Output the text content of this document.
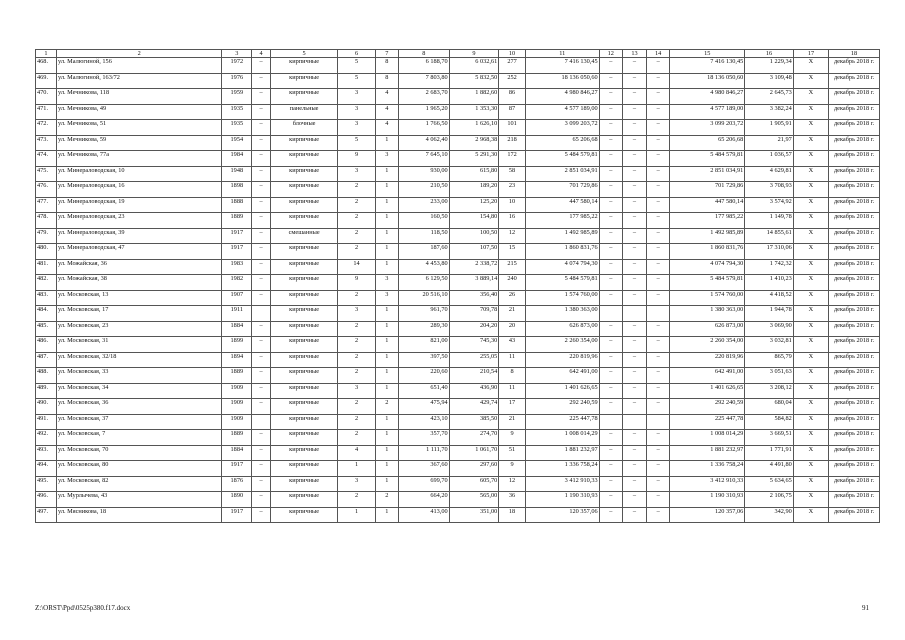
1	2	3	4	5	6	7	8	9	10	11	12	13	14	15	16	17	18
468.	ул. Малюгиной, 156	1972	–	кирпичные	5	8	6 188,70	6 032,61	277	7 416 130,45	–	–	–	7 416 130,45	1 229,34	Х	декабрь 2018 г.
469.	ул. Малюгиной, 163/72	1976	–	кирпичные	5	8	7 803,80	5 832,50	252	18 136 050,60	–	–	–	18 136 050,60	3 109,48	Х	декабрь 2018 г.
470.	ул. Мечникова, 118	1959	–	кирпичные	3	4	2 683,70	1 882,60	86	4 980 846,27	–	–	–	4 980 846,27	2 645,73	Х	декабрь 2018 г.
471.	ул. Мечникова, 49	1935	–	панельные	3	4	1 965,20	1 353,30	87	4 577 189,00	–	–	–	4 577 189,00	3 382,24	Х	декабрь 2018 г.
472.	ул. Мечникова, 51	1935	–	блочные	3	4	1 766,50	1 626,10	101	3 099 203,72	–	–	–	3 099 203,72	1 905,91	Х	декабрь 2018 г.
473.	ул. Мечникова, 59	1954	–	кирпичные	5	1	4 062,40	2 968,38	218	65 206,68	–	–	–	65 206,68	21,97	Х	декабрь 2018 г.
474.	ул. Мечникова, 77а	1984	–	кирпичные	9	3	7 645,10	5 291,30	172	5 484 579,81	–	–	–	5 484 579,81	1 036,57	Х	декабрь 2018 г.
475.	ул. Минераловодская, 10	1948	–	кирпичные	3	1	930,00	615,80	58	2 851 034,91	–	–	–	2 851 034,91	4 629,81	Х	декабрь 2018 г.
476.	ул. Минераловодская, 16	1898	–	кирпичные	2	1	210,50	189,20	23	701 729,86	–	–	–	701 729,86	3 708,93	Х	декабрь 2018 г.
477.	ул. Минераловодская, 19	1888	–	кирпичные	2	1	233,00	125,20	10	447 580,14	–	–	–	447 580,14	3 574,92	Х	декабрь 2018 г.
478.	ул. Минераловодская, 23	1889	–	кирпичные	2	1	160,50	154,80	16	177 985,22	–	–	–	177 985,22	1 149,78	Х	декабрь 2018 г.
479.	ул. Минераловодская, 39	1917	–	смешанные	2	1	118,50	100,50	12	1 492 985,89	–	–	–	1 492 985,89	14 855,61	Х	декабрь 2018 г.
480.	ул. Минераловодская, 47	1917	–	кирпичные	2	1	187,60	107,50	15	1 860 831,76	–	–	–	1 860 831,76	17 310,06	Х	декабрь 2018 г.
481.	ул. Можайская, 36	1983	–	кирпичные	14	1	4 453,80	2 338,72	215	4 074 794,30	–	–	–	4 074 794,30	1 742,32	Х	декабрь 2018 г.
482.	ул. Можайская, 38	1982	–	кирпичные	9	3	6 129,50	3 889,14	240	5 484 579,81	–	–	–	5 484 579,81	1 410,23	Х	декабрь 2018 г.
483.	ул. Московская, 13	1907	–	кирпичные	2	3	20 516,10	356,40	26	1 574 760,00	–	–	–	1 574 760,00	4 418,52	Х	декабрь 2018 г.
484.	ул. Московская, 17	1911		кирпичные	3	1	961,70	709,78	21	1 380 363,00				1 380 363,00	1 944,78	Х	декабрь 2018 г.
485.	ул. Московская, 23	1884	–	кирпичные	2	1	289,30	204,20	20	626 873,00	–	–	–	626 873,00	3 069,90	Х	декабрь 2018 г.
486.	ул. Московская, 31	1899	–	кирпичные	2	1	821,00	745,30	43	2 260 354,00	–	–	–	2 260 354,00	3 032,81	Х	декабрь 2018 г.
487.	ул. Московская, 32/18	1894	–	кирпичные	2	1	397,50	255,05	11	220 819,96	–	–	–	220 819,96	865,79	Х	декабрь 2018 г.
488.	ул. Московская, 33	1889	–	кирпичные	2	1	220,60	210,54	8	642 491,00	–	–	–	642 491,00	3 051,63	Х	декабрь 2018 г.
489.	ул. Московская, 34	1909	–	кирпичные	3	1	651,40	436,90	11	1 401 626,65	–	–	–	1 401 626,65	3 208,12	Х	декабрь 2018 г.
490.	ул. Московская, 36	1909	–	кирпичные	2	2	475,94	429,74	17	292 240,59	–	–	–	292 240,59	680,04	Х	декабрь 2018 г.
491.	ул. Московская, 37	1909		кирпичные	2	1	423,10	385,50	21	225 447,78				225 447,78	584,82	Х	декабрь 2018 г.
492.	ул. Московская, 7	1889	–	кирпичные	2	1	357,70	274,70	9	1 008 014,29	–	–	–	1 008 014,29	3 669,51	Х	декабрь 2018 г.
493.	ул. Московская, 70	1884	–	кирпичные	4	1	1 111,70	1 061,70	51	1 881 232,97	–	–	–	1 881 232,97	1 771,91	Х	декабрь 2018 г.
494.	ул. Московская, 80	1917	–	кирпичные	1	1	367,60	297,60	9	1 336 758,24	–	–	–	1 336 758,24	4 491,80	Х	декабрь 2018 г.
495.	ул. Московская, 82	1876	–	кирпичные	3	1	699,70	605,70	12	3 412 910,33	–	–	–	3 412 910,33	5 634,65	Х	декабрь 2018 г.
496.	ул. Мурлычева, 43	1890	–	кирпичные	2	2	664,20	565,00	36	1 190 310,93	–	–	–	1 190 310,93	2 106,75	Х	декабрь 2018 г.
497.	ул. Мясникова, 18	1917	–	кирпичные	1	1	413,00	351,00	18	120 357,06	–	–	–	120 357,06	342,90	Х	декабрь 2018 г.
Z:\ORST\Ppd\0525p380.f17.docx	91
